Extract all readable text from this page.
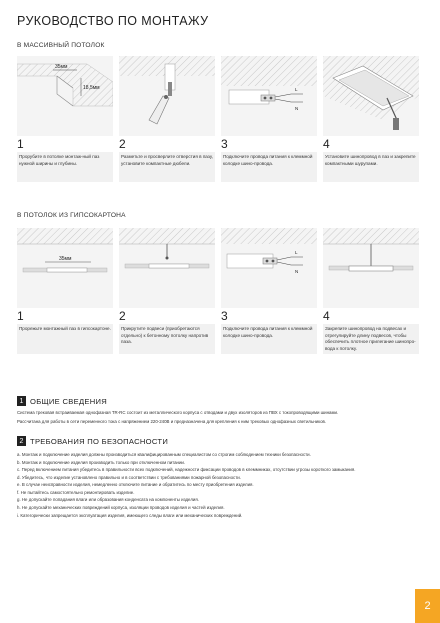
РУКОВОДСТВО ПО МОНТАЖУ
В МАССИВНЫЙ ПОТОЛОК
35мм
18,5мм
1
Прорубите в потолке монтаж-ный паз нужной ширины и глубины.
2
Разметьте и просверлите отверстия в пазу, установите компактные дюбели.
L
N
3
Подключите провода питания к клеммной колодке шино-провода.
4
Установите шинопровод в паз и закрепите компактными шурупами.
В ПОТОЛОК ИЗ ГИПСОКАРТОНА
35мм
1
Прорежьте монтажный паз в гипсокартоне.
2
Прикрутите подвеси (приобретаются отдельно) к бетонному потолку напротив паза.
L
N
3
Подключите провода питания к клеммной колодке шино-провода.
4
Закрепите шинопровод на подвесах и отрегулируйте длину подвесов, чтобы обеспечить плотное прилегание шинопро-вода к потолку.
1 ОБЩИЕ СВЕДЕНИЯ
Система трековая встраиваемая однофазная TR-RC состоит из металлического корпуса с отводами и двух изоляторов из ПВХ с токопроводящими шинами.
Рассчитана для работы в сети переменного тока с напряжением 220-240В и предназначена для крепления к ним трековых однофазных светильников.
2 ТРЕБОВАНИЯ ПО БЕЗОПАСНОСТИ
а. Монтаж и подключение изделия должны производиться квалифицированным специалистом со строгим соблюдением техники безопасности.
b. Монтаж и подключение изделия производить только при отключенном питании.
с. Перед включением питания убедитесь в правильности всех подключений, надежности фиксации проводов в клеммниках, отсутствии угрозы короткого замыкания.
d. Убедитесь, что изделие установлено правильно и в соответствии с требованиями пожарной безопасности.
e. В случае неисправности изделия, немедленно отключите питание и обратитесь по месту приобретения изделия.
f. Не пытайтесь самостоятельно ремонтировать изделие.
g. Не допускайте попадания влаги или образования конденсата на компоненты изделия.
h. Не допускайте механических повреждений корпуса, изоляции проводов изделия и частей изделия.
i. Категорически запрещается эксплуатация изделия, имеющего следы влаги или механических повреждений.
2
